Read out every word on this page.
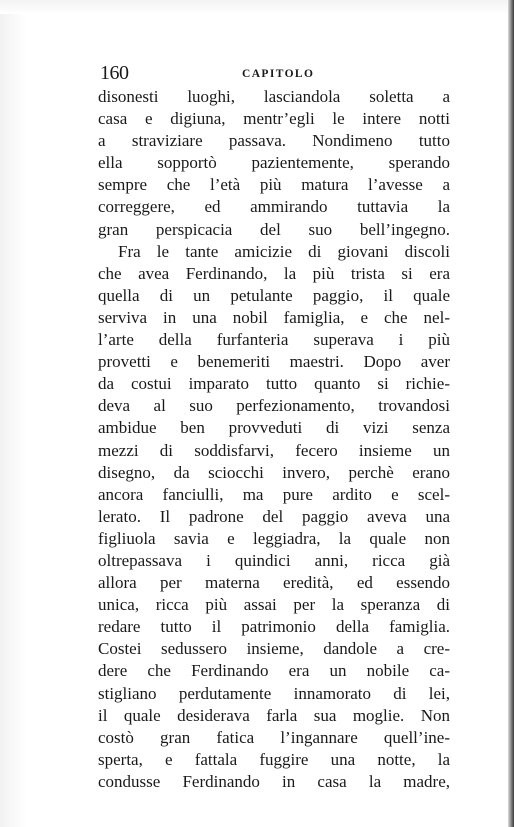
160	CAPITOLO
disonesti luoghi, lasciandola soletta a
casa e digiuna, mentr’egli le intere notti
a straviziare passava. Nondimeno tutto
ella sopportò pazientemente, sperando
sempre che l’età più matura l’avesse a
correggere, ed ammirando tuttavia la
gran perspicacia del suo bell’ingegno.
Fra le tante amicizie di giovani discoli
che avea Ferdinando, la più trista si era
quella di un petulante paggio, il quale
serviva in una nobil famiglia, e che nel-
l’arte della furfanteria superava i più
provetti e benemeriti maestri. Dopo aver
da costui imparato tutto quanto si richie-
deva al suo perfezionamento, trovandosi
ambidue ben provveduti di vizi senza
mezzi di soddisfarvi, fecero insieme un
disegno, da sciocchi invero, perchè erano
ancora fanciulli, ma pure ardito e scel-
lerato. Il padrone del paggio aveva una
figliuola savia e leggiadra, la quale non
oltrepassava i quindici anni, ricca già
allora per materna eredità, ed essendo
unica, ricca più assai per la speranza di
redare tutto il patrimonio della famiglia.
Costei sedussero insieme, dandole a cre-
dere che Ferdinando era un nobile ca-
stigliano perdutamente innamorato di lei,
il quale desiderava farla sua moglie. Non
costò gran fatica l’ingannare quell’ine-
sperta, e fattala fuggire una notte, la
condusse Ferdinando in casa la madre,
